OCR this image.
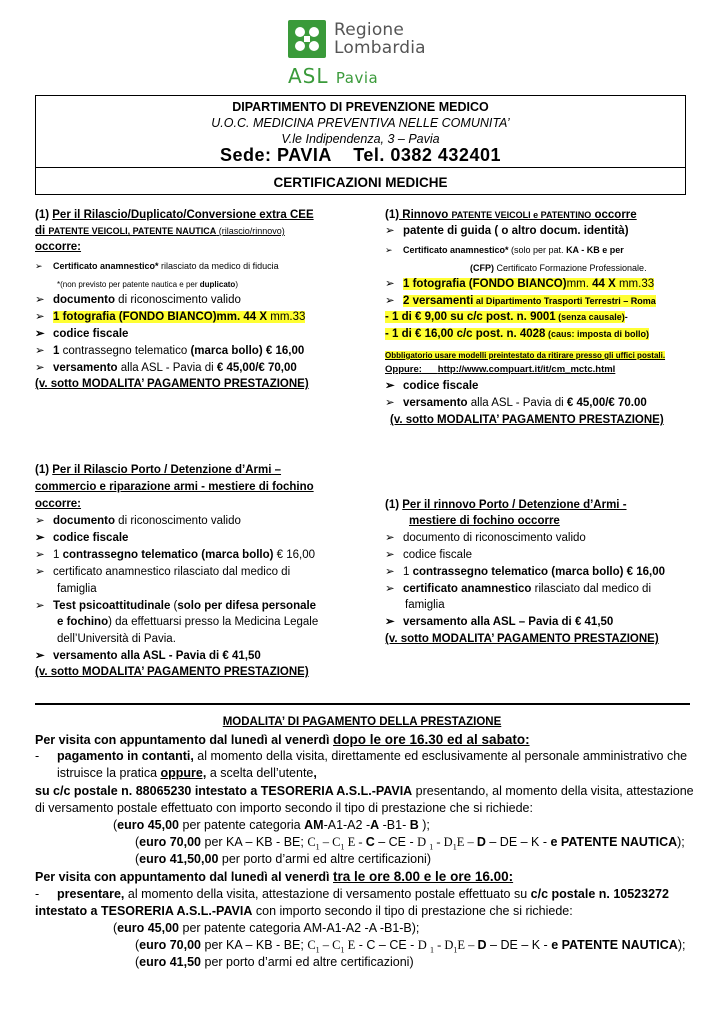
Regione
Lombardia
ASL Pavia
DIPARTIMENTO DI PREVENZIONE MEDICO
U.O.C. MEDICINA PREVENTIVA NELLE COMUNITA’
V.le Indipendenza, 3 – Pavia
Sede: PAVIA    Tel. 0382 432401
CERTIFICAZIONI MEDICHE
(1) Per il Rilascio/Duplicato/Conversione extra CEE
di PATENTE VEICOLI, PATENTE NAUTICA (rilascio/rinnovo)
occorre:
➢ Certificato anamnestico* rilasciato da medico di fiducia
*(non previsto per patente nautica e per duplicato)
➢ documento di riconoscimento valido
➢ 1 fotografia (FONDO BIANCO)mm. 44 X mm.33
➢ codice fiscale
➢ 1 contrassegno telematico (marca bollo) € 16,00
➢ versamento alla ASL - Pavia di € 45,00/€ 70,00
(v. sotto MODALITA’ PAGAMENTO PRESTAZIONE)
(1) Rinnovo PATENTE VEICOLI e PATENTINO occorre
➢ patente di guida ( o altro docum. identità)
➢ Certificato anamnestico* (solo per pat. KA - KB e per
(CFP) Certificato Formazione Professionale.
➢ 1 fotografia (FONDO BIANCO)mm. 44 X mm.33
➢ 2 versamenti al Dipartimento Trasporti Terrestri – Roma
- 1 di € 9,00 su c/c post. n. 9001 (senza causale)-
- 1 di € 16,00 c/c post. n. 4028 (caus: imposta di bollo)
Obbligatorio usare modelli preintestato da ritirare presso gli uffici postali.
Oppure: http://www.compuart.it/it/cm_mctc.html
➢ codice fiscale
➢ versamento alla ASL - Pavia di € 45,00/€ 70.00
(v. sotto MODALITA’ PAGAMENTO PRESTAZIONE)
(1) Per il Rilascio Porto / Detenzione d’Armi –
commercio e riparazione armi - mestiere di fochino
occorre:
➢ documento di riconoscimento valido
➢ codice fiscale
➢ 1 contrassegno telematico (marca bollo) € 16,00
➢ certificato anamnestico rilasciato dal medico di
famiglia
➢ Test psicoattitudinale (solo per difesa personale
e fochino) da effettuarsi presso la Medicina Legale
dell’Università di Pavia.
➢ versamento alla ASL - Pavia di € 41,50
(v. sotto MODALITA’ PAGAMENTO PRESTAZIONE)
(1) Per il rinnovo Porto / Detenzione d’Armi -
mestiere di fochino occorre
➢ documento di riconoscimento valido
➢ codice fiscale
➢ 1 contrassegno telematico (marca bollo) € 16,00
➢ certificato anamnestico rilasciato dal medico di
famiglia
➢ versamento alla ASL – Pavia di € 41,50
(v. sotto MODALITA’ PAGAMENTO PRESTAZIONE)
MODALITA’ DI PAGAMENTO DELLA PRESTAZIONE
Per visita con appuntamento dal lunedì al venerdì dopo le ore 16.30 ed al sabato:
- pagamento in contanti, al momento della visita, direttamente ed esclusivamente al personale amministrativo che
istruisce la pratica oppure, a scelta dell’utente,
su c/c postale n. 88065230 intestato a TESORERIA A.S.L.-PAVIA presentando, al momento della visita, attestazione
di versamento postale effettuato con importo secondo il tipo di prestazione che si richiede:
(euro 45,00 per patente categoria AM-A1-A2 -A -B1- B );
(euro 70,00 per KA – KB - BE; $C_1 - C_1$ E - C – CE - D $_1 - D_1E$ – D – DE – K - e PATENTE NAUTICA);
(euro 41,50,00 per porto d’armi ed altre certificazioni)
Per visita con appuntamento dal lunedì al venerdì tra le ore 8.00 e le ore 16.00:
- presentare, al momento della visita, attestazione di versamento postale effettuato su c/c postale n. 10523272
intestato a TESORERIA A.S.L.-PAVIA con importo secondo il tipo di prestazione che si richiede:
(euro 45,00 per patente categoria AM-A1-A2 -A -B1-B);
(euro 70,00 per KA – KB - BE; $C_1 - C_1$ E - C – CE - D $_1 - D_1E$ – D – DE – K - e PATENTE NAUTICA);
(euro 41,50 per porto d’armi ed altre certificazioni)
